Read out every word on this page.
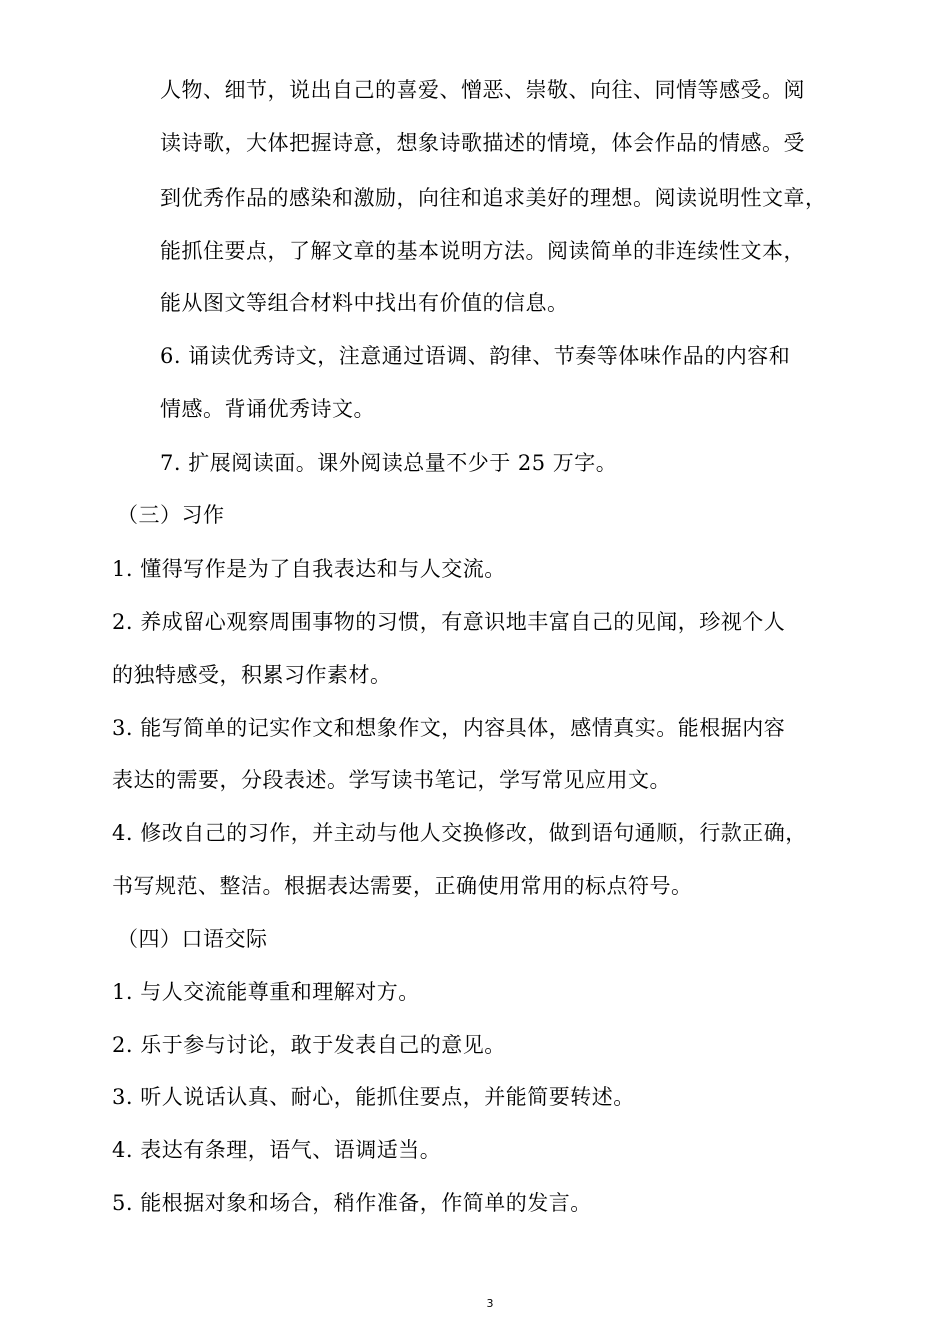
人物、细节，说出自己的喜爱、憎恶、崇敬、向往、同情等感受。阅
读诗歌，大体把握诗意，想象诗歌描述的情境，体会作品的情感。受
到优秀作品的感染和激励，向往和追求美好的理想。阅读说明性文章，
能抓住要点，了解文章的基本说明方法。阅读简单的非连续性文本，
能从图文等组合材料中找出有价值的信息。
6. 诵读优秀诗文，注意通过语调、韵律、节奏等体味作品的内容和
情感。背诵优秀诗文。
7. 扩展阅读面。课外阅读总量不少于 25 万字。
（三）习作
1. 懂得写作是为了自我表达和与人交流。
2. 养成留心观察周围事物的习惯，有意识地丰富自己的见闻，珍视个人
的独特感受，积累习作素材。
3. 能写简单的记实作文和想象作文，内容具体，感情真实。能根据内容
表达的需要，分段表述。学写读书笔记，学写常见应用文。
4. 修改自己的习作，并主动与他人交换修改，做到语句通顺，行款正确，
书写规范、整洁。根据表达需要，正确使用常用的标点符号。
（四）口语交际
1. 与人交流能尊重和理解对方。
2. 乐于参与讨论，敢于发表自己的意见。
3. 听人说话认真、耐心，能抓住要点，并能简要转述。
4. 表达有条理，语气、语调适当。
5. 能根据对象和场合，稍作准备，作简单的发言。
3
